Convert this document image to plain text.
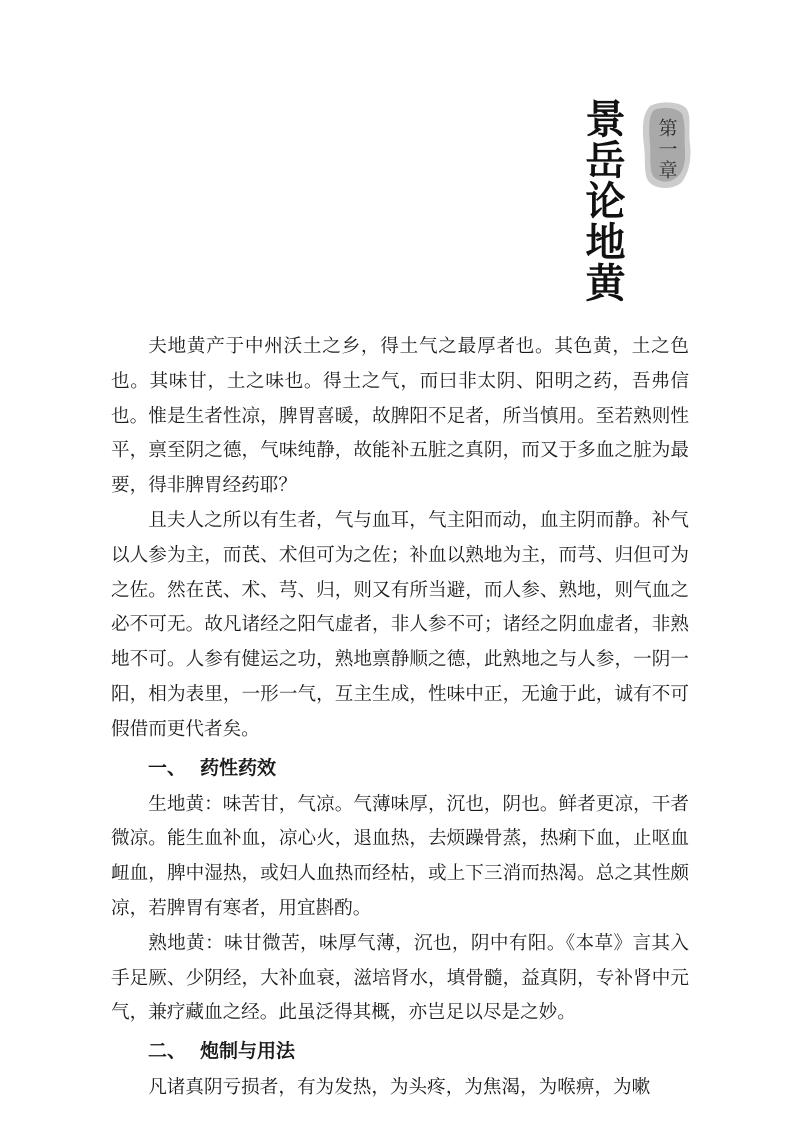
第一章
景岳论地黄

夫地黄产于中州沃土之乡，得土气之最厚者也。其色黄，土之色也。其味甘，土之味也。得土之气，而曰非太阴、阳明之药，吾弗信也。惟是生者性凉，脾胃喜暖，故脾阳不足者，所当慎用。至若熟则性平，禀至阴之德，气味纯静，故能补五脏之真阴，而又于多血之脏为最要，得非脾胃经药耶？

且夫人之所以有生者，气与血耳，气主阳而动，血主阴而静。补气以人参为主，而芪、术但可为之佐；补血以熟地为主，而芎、归但可为之佐。然在芪、术、芎、归，则又有所当避，而人参、熟地，则气血之必不可无。故凡诸经之阳气虚者，非人参不可；诸经之阴血虚者，非熟地不可。人参有健运之功，熟地禀静顺之德，此熟地之与人参，一阴一阳，相为表里，一形一气，互主生成，性味中正，无逾于此，诚有不可假借而更代者矣。

一、 药性药效

生地黄：味苦甘，气凉。气薄味厚，沉也，阴也。鲜者更凉，干者微凉。能生血补血，凉心火，退血热，去烦躁骨蒸，热痢下血，止呕血衄血，脾中湿热，或妇人血热而经枯，或上下三消而热渴。总之其性颇凉，若脾胃有寒者，用宜斟酌。

熟地黄：味甘微苦，味厚气薄，沉也，阴中有阳。《本草》言其入手足厥、少阴经，大补血衰，滋培肾水，填骨髓，益真阴，专补肾中元气，兼疗藏血之经。此虽泛得其概，亦岂足以尽是之妙。

二、 炮制与用法

凡诸真阴亏损者，有为发热，为头疼，为焦渴，为喉痹，为嗽
